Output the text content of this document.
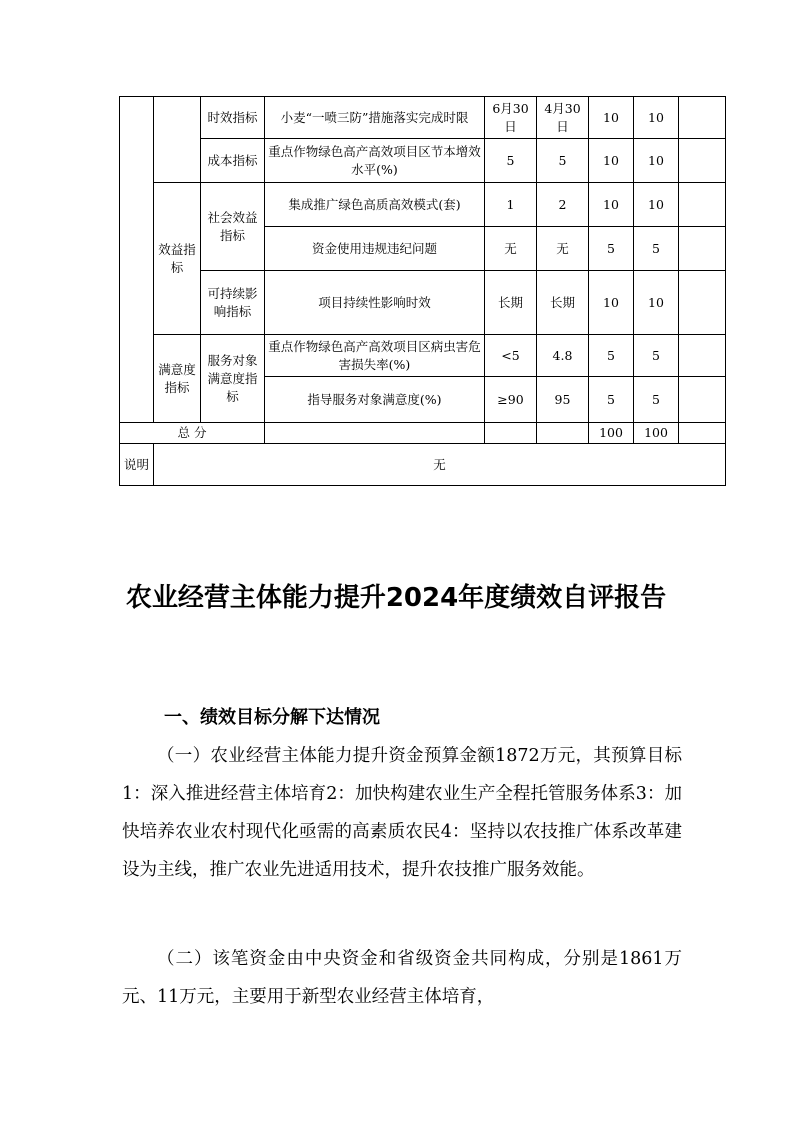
		时效指标	小麦“一喷三防”措施落实完成时限	6月30日	4月30日	10	10	
		成本指标	重点作物绿色高产高效项目区节本增效水平(%)	5	5	10	10	
	效益指标	社会效益指标	集成推广绿色高质高效模式(套)	1	2	10	10	
			资金使用违规违纪问题	无	无	5	5	
		可持续影响指标	项目持续性影响时效	长期	长期	10	10	
	满意度指标	服务对象满意度指标	重点作物绿色高产高效项目区病虫害危害损失率(%)	<5	4.8	5	5	
			指导服务对象满意度(%)	≥90	95	5	5	
总 分						100	100	
说明	无							
农业经营主体能力提升2024年度绩效自评报告
一、绩效目标分解下达情况

（一）农业经营主体能力提升资金预算金额1872万元，其预算目标1：深入推进经营主体培育2：加快构建农业生产全程托管服务体系3：加快培养农业农村现代化亟需的高素质农民4：坚持以农技推广体系改革建设为主线，推广农业先进适用技术，提升农技推广服务效能。

（二）该笔资金由中央资金和省级资金共同构成，分别是1861万元、11万元，主要用于新型农业经营主体培育，
